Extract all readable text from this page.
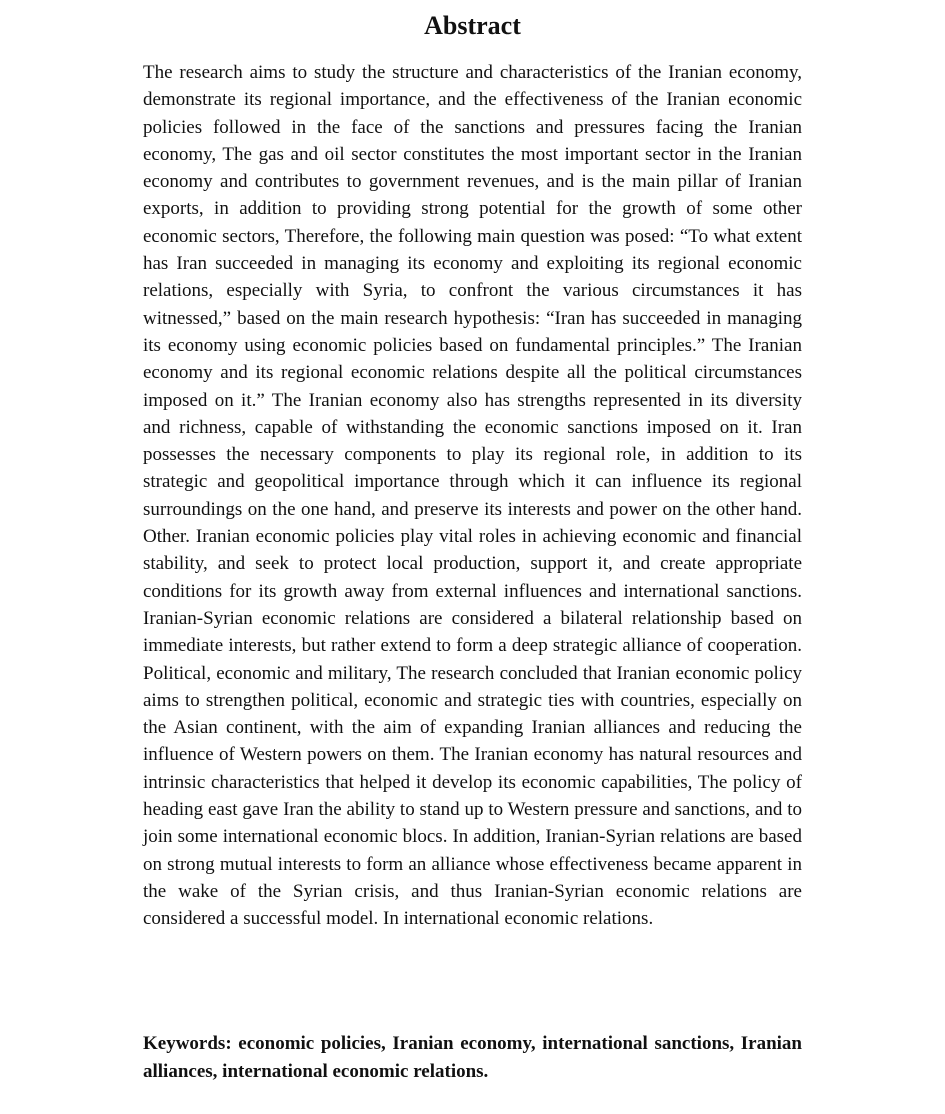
Abstract

The research aims to study the structure and characteristics of the Iranian economy, demonstrate its regional importance, and the effectiveness of the Iranian economic policies followed in the face of the sanctions and pressures facing the Iranian economy, The gas and oil sector constitutes the most important sector in the Iranian economy and contributes to government revenues, and is the main pillar of Iranian exports, in addition to providing strong potential for the growth of some other economic sectors, Therefore, the following main question was posed: “To what extent has Iran succeeded in managing its economy and exploiting its regional economic relations, especially with Syria, to confront the various circumstances it has witnessed,” based on the main research hypothesis: “Iran has succeeded in managing its economy using economic policies based on fundamental principles.” The Iranian economy and its regional economic relations despite all the political circumstances imposed on it.” The Iranian economy also has strengths represented in its diversity and richness, capable of withstanding the economic sanctions imposed on it. Iran possesses the necessary components to play its regional role, in addition to its strategic and geopolitical importance through which it can influence its regional surroundings on the one hand, and preserve its interests and power on the other hand. Other. Iranian economic policies play vital roles in achieving economic and financial stability, and seek to protect local production, support it, and create appropriate conditions for its growth away from external influences and international sanctions. Iranian-Syrian economic relations are considered a bilateral relationship based on immediate interests, but rather extend to form a deep strategic alliance of cooperation. Political, economic and military, The research concluded that Iranian economic policy aims to strengthen political, economic and strategic ties with countries, especially on the Asian continent, with the aim of expanding Iranian alliances and reducing the influence of Western powers on them. The Iranian economy has natural resources and intrinsic characteristics that helped it develop its economic capabilities, The policy of heading east gave Iran the ability to stand up to Western pressure and sanctions, and to join some international economic blocs. In addition, Iranian-Syrian relations are based on strong mutual interests to form an alliance whose effectiveness became apparent in the wake of the Syrian crisis, and thus Iranian-Syrian economic relations are considered a successful model. In international economic relations.

Keywords: economic policies, Iranian economy, international sanctions, Iranian alliances, international economic relations.
